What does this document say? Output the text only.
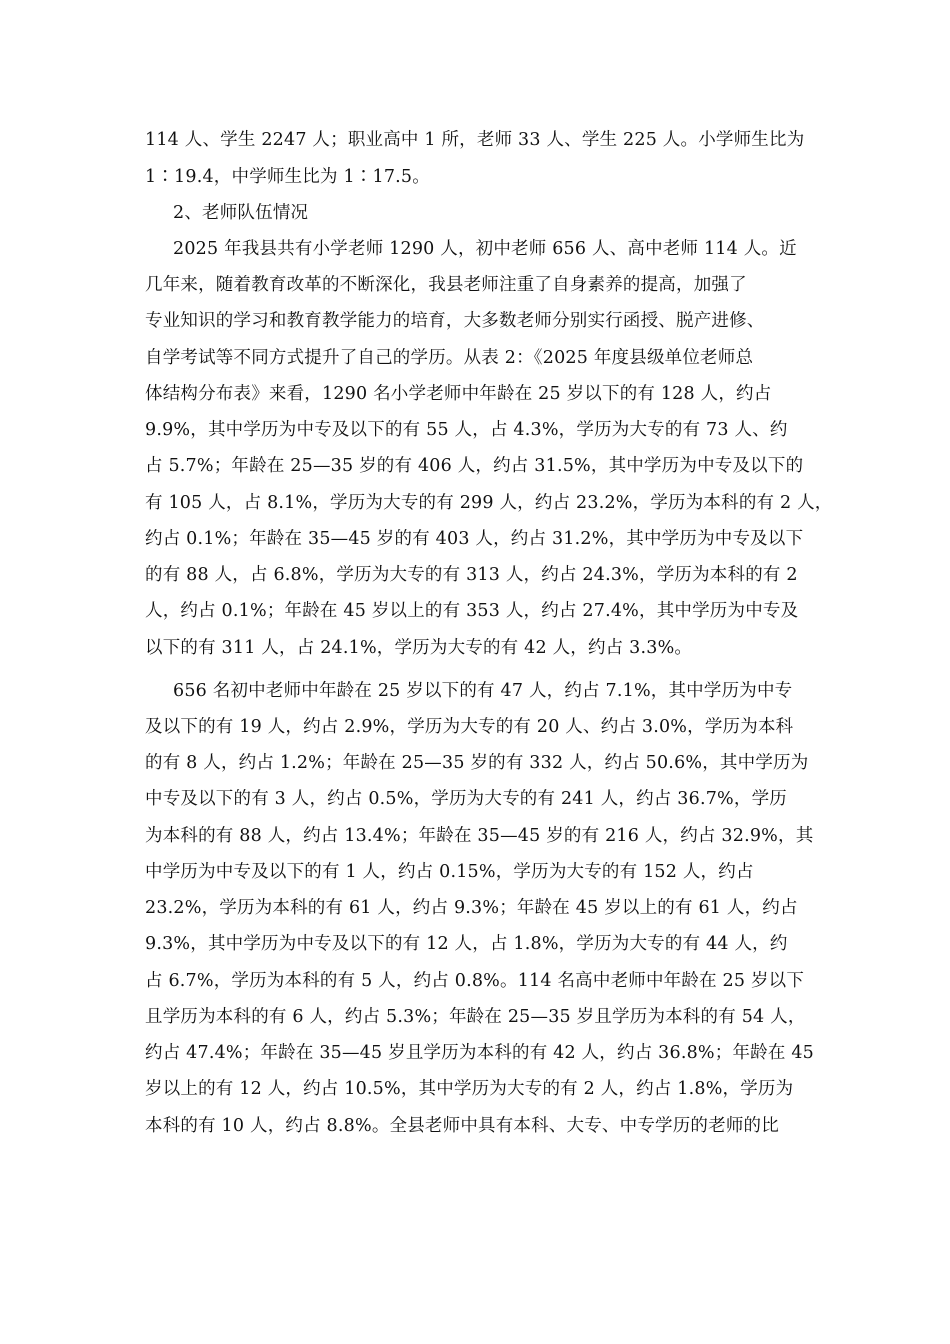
114 人、学生 2247 人；职业高中 1 所，老师 33 人、学生 225 人。小学师生比为
1∶19.4，中学师生比为 1∶17.5。
2、老师队伍情况
2025 年我县共有小学老师 1290 人，初中老师 656 人、高中老师 114 人。近
几年来，随着教育改革的不断深化，我县老师注重了自身素养的提高，加强了
专业知识的学习和教育教学能力的培育，大多数老师分别实行函授、脱产进修、
自学考试等不同方式提升了自己的学历。从表 2：《2025 年度县级单位老师总
体结构分布表》来看，1290 名小学老师中年龄在 25 岁以下的有 128 人，约占
9.9%，其中学历为中专及以下的有 55 人，占 4.3%，学历为大专的有 73 人、约
占 5.7%；年龄在 25—35 岁的有 406 人，约占 31.5%，其中学历为中专及以下的
有 105 人，占 8.1%，学历为大专的有 299 人，约占 23.2%，学历为本科的有 2 人，
约占 0.1%；年龄在 35—45 岁的有 403 人，约占 31.2%，其中学历为中专及以下
的有 88 人，占 6.8%，学历为大专的有 313 人，约占 24.3%，学历为本科的有 2
人，约占 0.1%；年龄在 45 岁以上的有 353 人，约占 27.4%，其中学历为中专及
以下的有 311 人，占 24.1%，学历为大专的有 42 人，约占 3.3%。
656 名初中老师中年龄在 25 岁以下的有 47 人，约占 7.1%，其中学历为中专
及以下的有 19 人，约占 2.9%，学历为大专的有 20 人、约占 3.0%，学历为本科
的有 8 人，约占 1.2%；年龄在 25—35 岁的有 332 人，约占 50.6%，其中学历为
中专及以下的有 3 人，约占 0.5%，学历为大专的有 241 人，约占 36.7%，学历
为本科的有 88 人，约占 13.4%；年龄在 35—45 岁的有 216 人，约占 32.9%，其
中学历为中专及以下的有 1 人，约占 0.15%，学历为大专的有 152 人，约占
23.2%，学历为本科的有 61 人，约占 9.3%；年龄在 45 岁以上的有 61 人，约占
9.3%，其中学历为中专及以下的有 12 人，占 1.8%，学历为大专的有 44 人，约
占 6.7%，学历为本科的有 5 人，约占 0.8%。114 名高中老师中年龄在 25 岁以下
且学历为本科的有 6 人，约占 5.3%；年龄在 25—35 岁且学历为本科的有 54 人，
约占 47.4%；年龄在 35—45 岁且学历为本科的有 42 人，约占 36.8%；年龄在 45
岁以上的有 12 人，约占 10.5%，其中学历为大专的有 2 人，约占 1.8%，学历为
本科的有 10 人，约占 8.8%。全县老师中具有本科、大专、中专学历的老师的比
